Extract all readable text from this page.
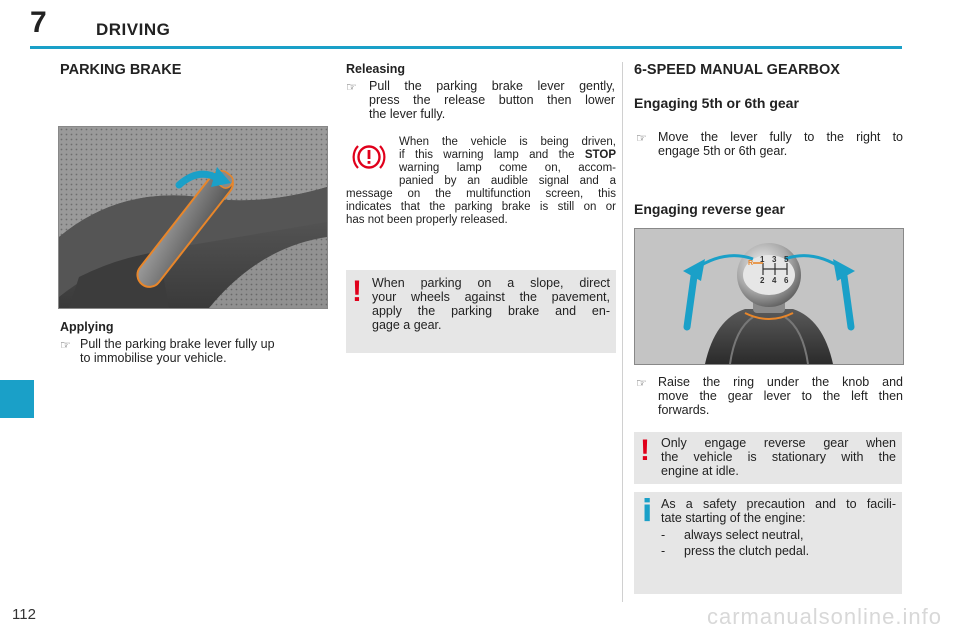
7	DRIVING
112
PARKING BRAKE
Applying
☞ Pull the parking brake lever fully up
to immobilise your vehicle.
Releasing
☞ Pull the parking brake lever gently,
press the release button then lower
the lever fully.
When the vehicle is being driven,
if this warning lamp and the STOP
warning lamp come on, accom-
panied by an audible signal and a
message on the multifunction screen, this
indicates that the parking brake is still on or
has not been properly released.
! When parking on a slope, direct
your wheels against the pavement,
apply the parking brake and en-
gage a gear.
6-SPEED MANUAL GEARBOX
Engaging 5th or 6th gear
☞ Move the lever fully to the right to
engage 5th or 6th gear.
Engaging reverse gear
R 1 3 5
2 4 6
☞ Raise the ring under the knob and
move the gear lever to the left then
forwards.
! Only engage reverse gear when
the vehicle is stationary with the
engine at idle.
i As a safety precaution and to facili-
tate starting of the engine:
- always select neutral,
- press the clutch pedal.
carmanualsonline.info
